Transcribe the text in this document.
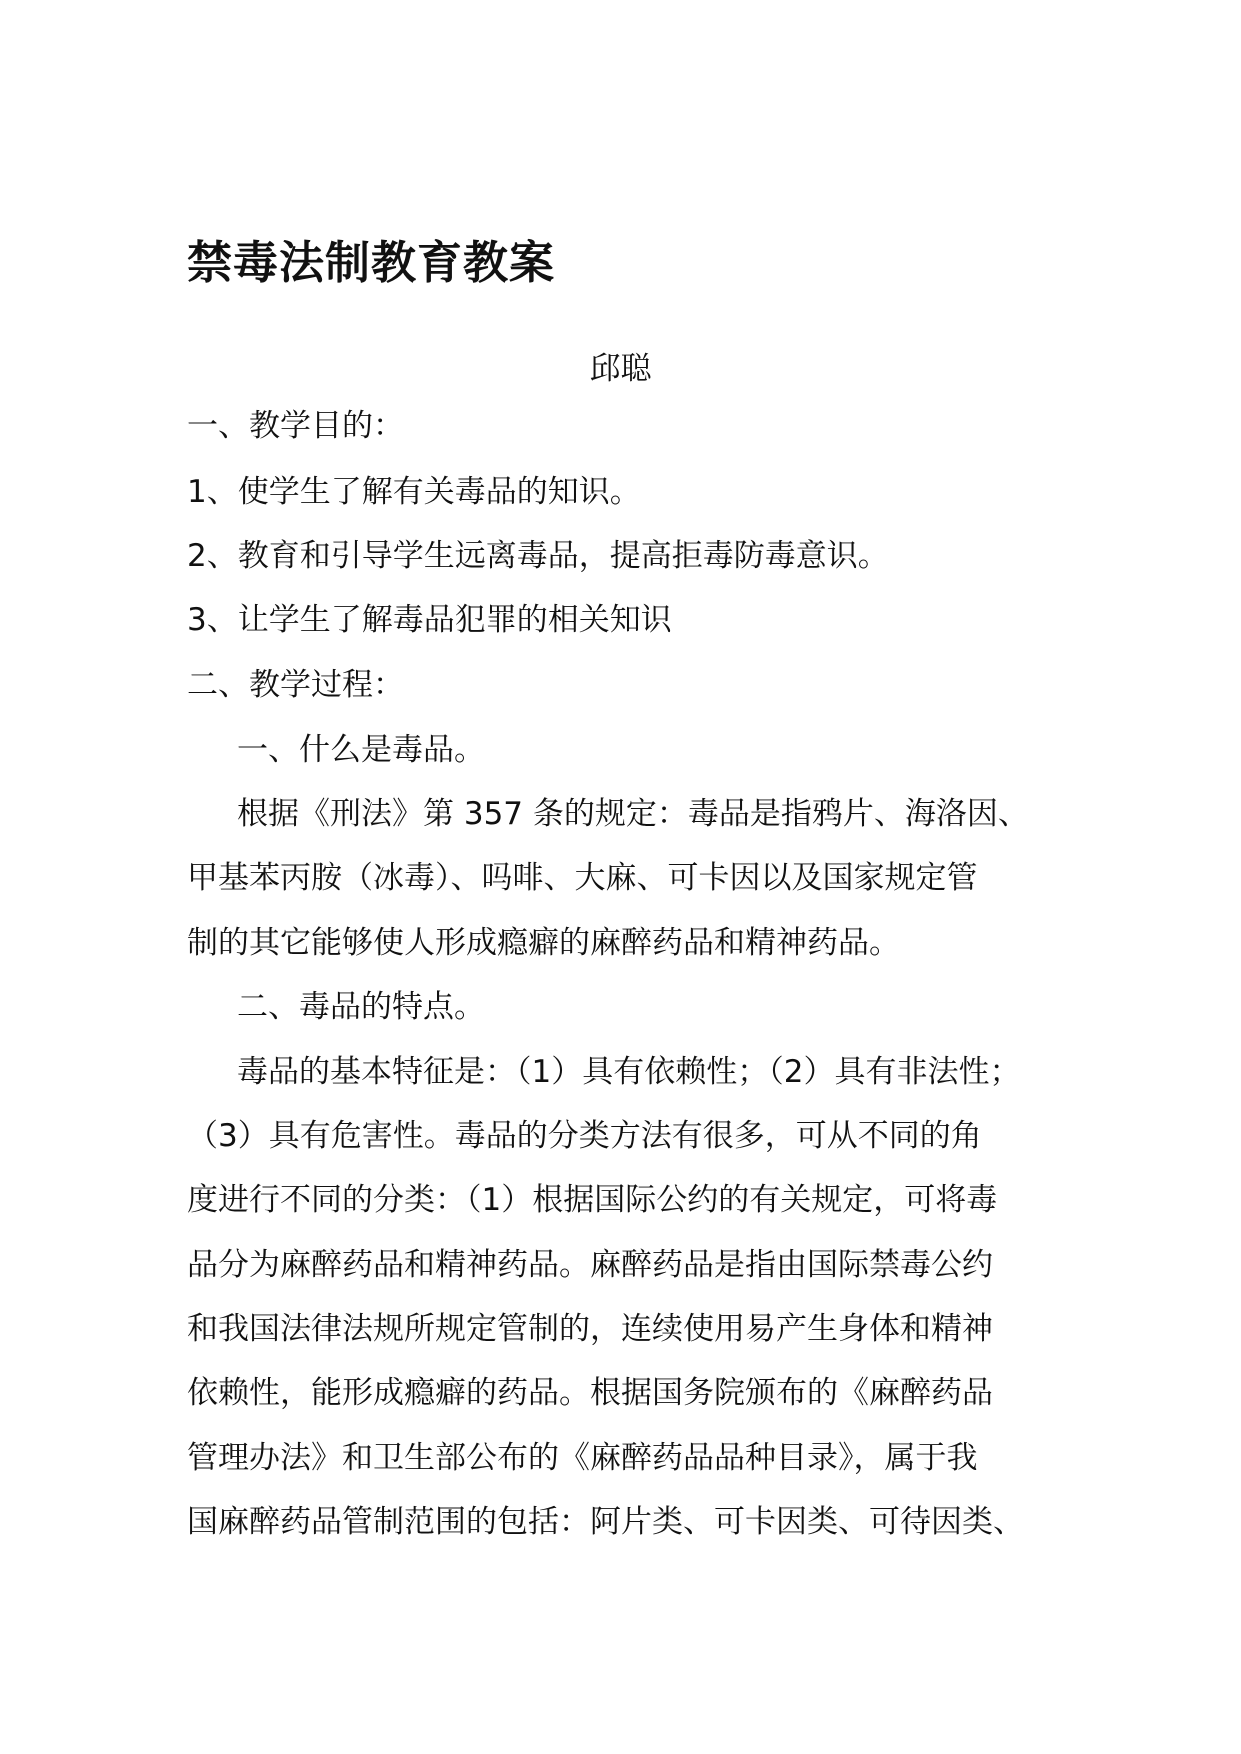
禁毒法制教育教案
邱聪
一、教学目的：
1、使学生了解有关毒品的知识。
2、教育和引导学生远离毒品，提高拒毒防毒意识。
3、让学生了解毒品犯罪的相关知识
二、教学过程：
一、什么是毒品。
根据《刑法》第 357 条的规定：毒品是指鸦片、海洛因、
甲基苯丙胺（冰毒）、吗啡、大麻、可卡因以及国家规定管
制的其它能够使人形成瘾癖的麻醉药品和精神药品。
二、毒品的特点。
毒品的基本特征是：（1）具有依赖性；（2）具有非法性；
（3）具有危害性。毒品的分类方法有很多，可从不同的角
度进行不同的分类：（1）根据国际公约的有关规定，可将毒
品分为麻醉药品和精神药品。麻醉药品是指由国际禁毒公约
和我国法律法规所规定管制的，连续使用易产生身体和精神
依赖性，能形成瘾癖的药品。根据国务院颁布的《麻醉药品
管理办法》和卫生部公布的《麻醉药品品种目录》，属于我
国麻醉药品管制范围的包括：阿片类、可卡因类、可待因类、
